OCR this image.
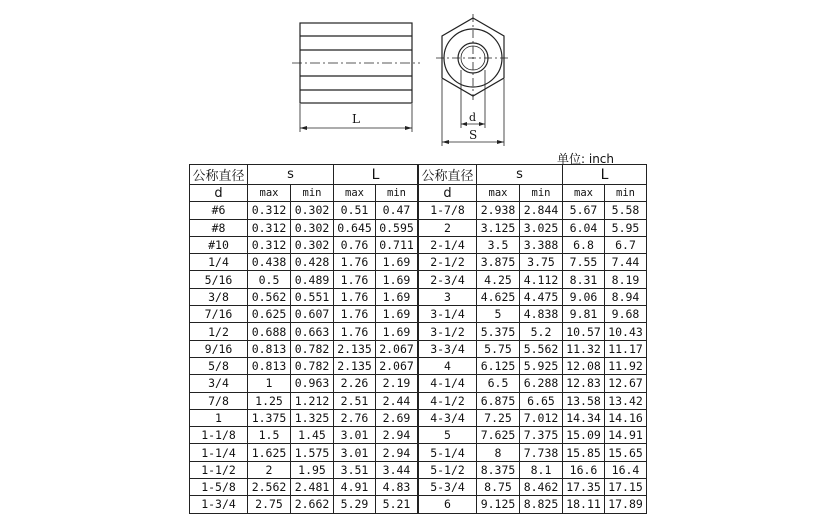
L	d
S
单位: inch
公称直径	s		L	
d				
	max	min	max	min
#6	0.312	0.302	0.51	0.47
#8	0.312	0.302	0.645	0.595
#10	0.312	0.302	0.76	0.711
1/4	0.438	0.428	1.76	1.69
5/16	0.5	0.489	1.76	1.69
3/8	0.562	0.551	1.76	1.69
7/16	0.625	0.607	1.76	1.69
1/2	0.688	0.663	1.76	1.69
9/16	0.813	0.782	2.135	2.067
5/8	0.813	0.782	2.135	2.067
3/4	1	0.963	2.26	2.19
7/8	1.25	1.212	2.51	2.44
1	1.375	1.325	2.76	2.69
1-1/8	1.5	1.45	3.01	2.94
1-1/4	1.625	1.575	3.01	2.94
1-1/2	2	1.95	3.51	3.44
1-5/8	2.562	2.481	4.91	4.83
1-3/4	2.75	2.662	5.29	5.21
公称直径	s		L	
d				
	max	min	max	min
1-7/8	2.938	2.844	5.67	5.58
2	3.125	3.025	6.04	5.95
2-1/4	3.5	3.388	6.8	6.7
2-1/2	3.875	3.75	7.55	7.44
2-3/4	4.25	4.112	8.31	8.19
3	4.625	4.475	9.06	8.94
3-1/4	5	4.838	9.81	9.68
3-1/2	5.375	5.2	10.57	10.43
3-3/4	5.75	5.562	11.32	11.17
4	6.125	5.925	12.08	11.92
4-1/4	6.5	6.288	12.83	12.67
4-1/2	6.875	6.65	13.58	13.42
4-3/4	7.25	7.012	14.34	14.16
5	7.625	7.375	15.09	14.91
5-1/4	8	7.738	15.85	15.65
5-1/2	8.375	8.1	16.6	16.4
5-3/4	8.75	8.462	17.35	17.15
6	9.125	8.825	18.11	17.89
